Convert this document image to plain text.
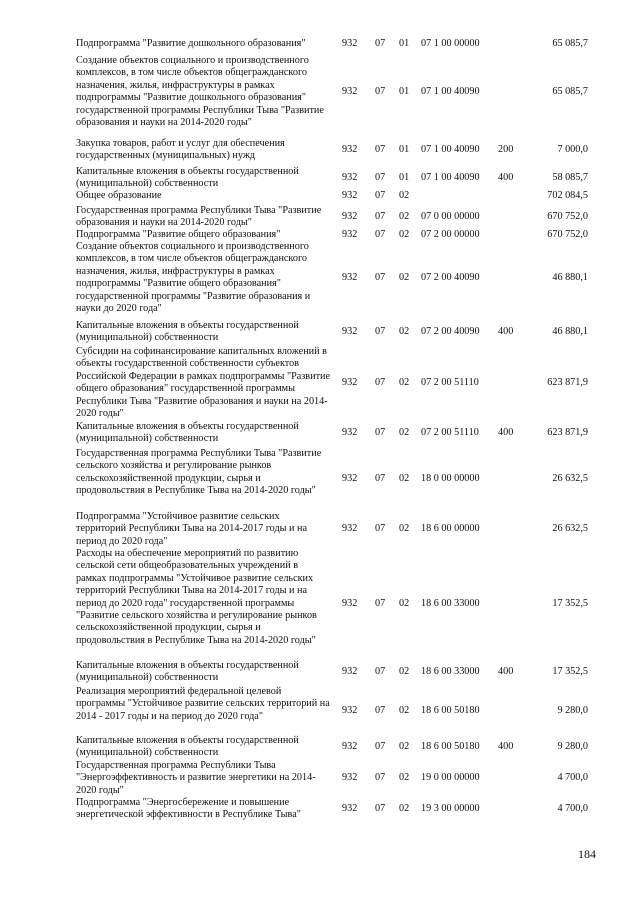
Подпрограмма "Развитие дошкольного образования"	932 07 01 07 1 00 00000	65 085,7
Создание объектов социального и производственного комплексов, в том числе объектов общегражданского назначения, жилья, инфраструктуры в рамках подпрограммы "Развитие дошкольного образования" государственной программы Республики Тыва "Развитие образования и науки на 2014-2020 годы"
932 07 01 07 1 00 40090	65 085,7
Закупка товаров, работ и услуг для обеспечения государственных (муниципальных) нужд
932 07 01 07 1 00 40090 200	7 000,0
Капитальные вложения в объекты государственной (муниципальной) собственности
932 07 01 07 1 00 40090 400	58 085,7
Общее образование	932 07 02	702 084,5
Государственная программа Республики Тыва "Развитие образования и науки на 2014-2020 годы"
932 07 02 07 0 00 00000	670 752,0
Подпрограмма "Развитие общего образования"	932 07 02 07 2 00 00000	670 752,0
Создание объектов социального и производственного комплексов, в том числе объектов общегражданского назначения, жилья, инфраструктуры в рамках подпрограммы "Развитие общего образования" государственной программы "Развитие образования и науки до 2020 года"
932 07 02 07 2 00 40090	46 880,1
Капитальные вложения в объекты государственной (муниципальной) собственности
932 07 02 07 2 00 40090 400	46 880,1
Субсидии на софинансирование капитальных вложений в объекты государственной собственности субъектов Российской Федерации в рамках подпрограммы "Развитие общего образования" государственной программы Республики Тыва "Развитие образования и науки на 2014-2020 годы"
932 07 02 07 2 00 51110	623 871,9
Капитальные вложения в объекты государственной (муниципальной) собственности
932 07 02 07 2 00 51110 400	623 871,9
Государственная программа Республики Тыва "Развитие сельского хозяйства и регулирование рынков сельскохозяйственной продукции, сырья и продовольствия в Республике Тыва на 2014-2020 годы"
932 07 02 18 0 00 00000	26 632,5
Подпрограмма "Устойчивое развитие сельских территорий Республики Тыва на 2014-2017 годы и на период до 2020 года"
932 07 02 18 6 00 00000	26 632,5
Расходы на обеспечение мероприятий по развитию сельской сети общеобразовательных учреждений в рамках подпрограммы "Устойчивое развитие сельских территорий Республики Тыва на 2014-2017 годы и на период до 2020 года" государственной программы "Развитие сельского хозяйства и регулирование рынков сельскохозяйственной продукции, сырья и продовольствия в Республике Тыва на 2014-2020 годы"
932 07 02 18 6 00 33000	17 352,5
Капитальные вложения в объекты государственной (муниципальной) собственности
932 07 02 18 6 00 33000 400	17 352,5
Реализация мероприятий федеральной целевой программы "Устойчивое развитие сельских территорий на 2014 - 2017 годы и на период до 2020 года"
932 07 02 18 6 00 50180	9 280,0
Капитальные вложения в объекты государственной (муниципальной) собственности
932 07 02 18 6 00 50180 400	9 280,0
Государственная программа Республики Тыва "Энергоэффективность и развитие энергетики на 2014-2020 годы"
932 07 02 19 0 00 00000	4 700,0
Подпрограмма "Энергосбережение и повышение энергетической эффективности в Республике Тыва"
932 07 02 19 3 00 00000	4 700,0
184
